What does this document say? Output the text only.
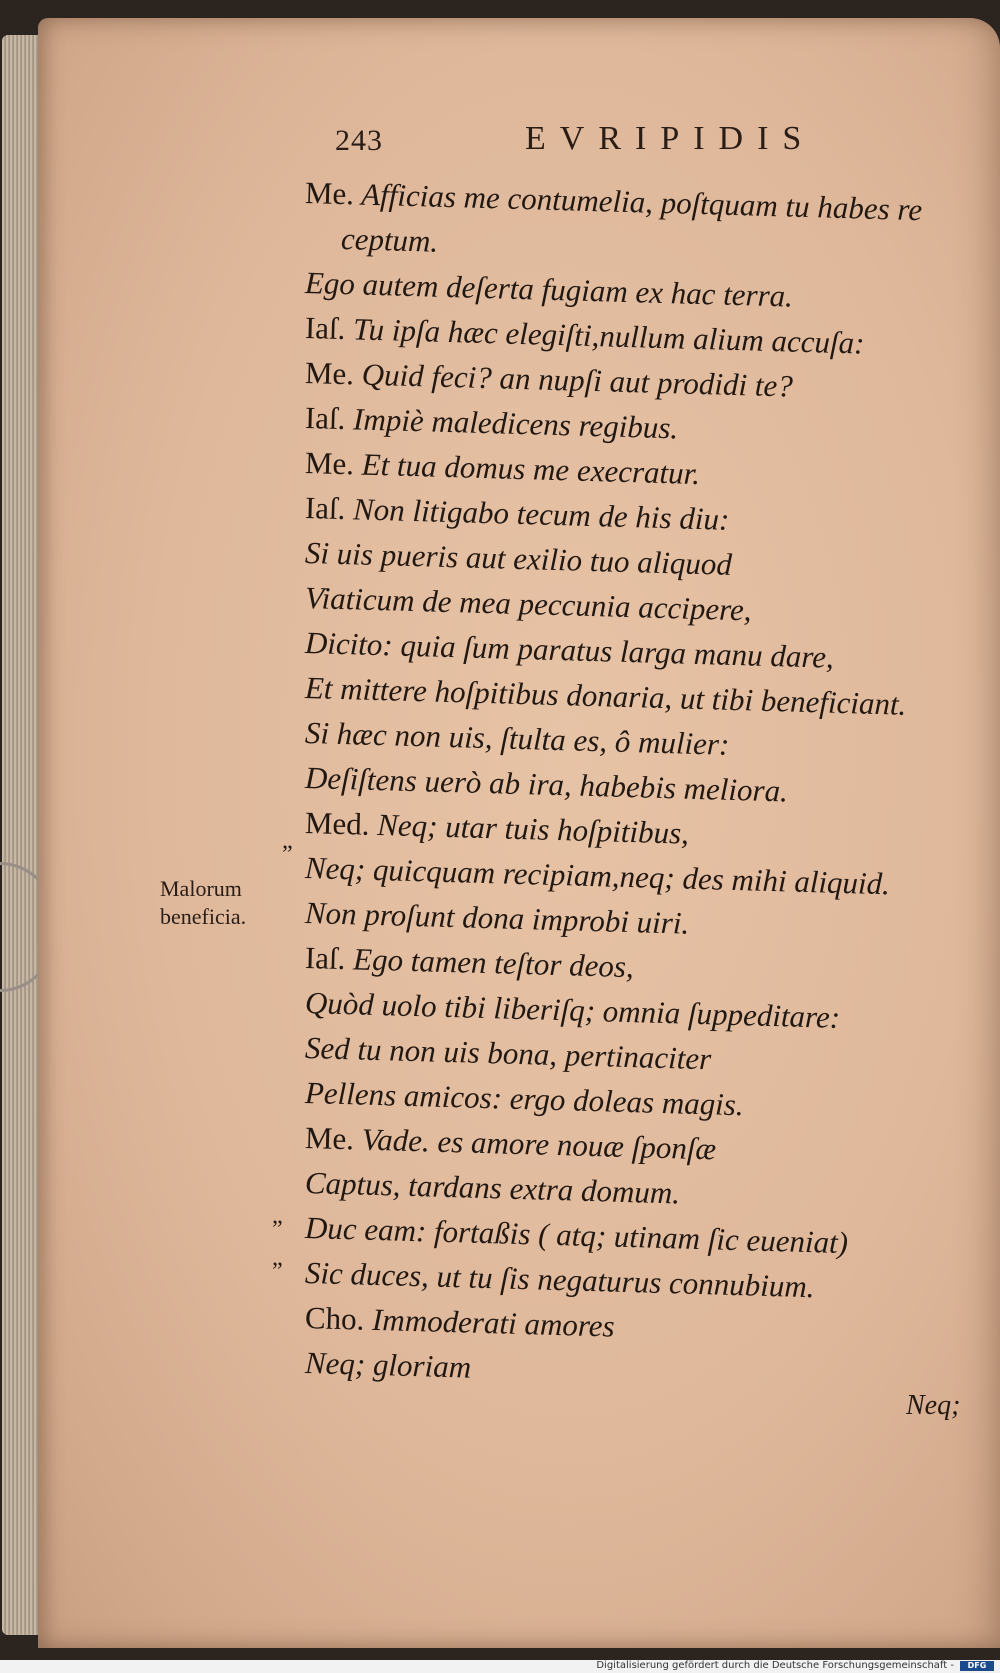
243	EVRIPIDIS
Malorum
beneficia.
„
„
„
Me. Afficias me contumelia, poſtquam tu habes re
ceptum.
Ego autem deſerta fugiam ex hac terra.
Iaſ. Tu ipſa hæc elegiſti,nullum alium accuſa:
Me. Quid feci? an nupſi aut prodidi te?
Iaſ. Impiè maledicens regibus.
Me. Et tua domus me execratur.
Iaſ. Non litigabo tecum de his diu:
Si uis pueris aut exilio tuo aliquod
Viaticum de mea peccunia accipere,
Dicito: quia ſum paratus larga manu dare,
Et mittere hoſpitibus donaria, ut tibi beneficiant.
Si hæc non uis, ſtulta es, ô mulier:
Deſiſtens uerò ab ira, habebis meliora.
Med. Neq; utar tuis hoſpitibus,
Neq; quicquam recipiam,neq; des mihi aliquid.
Non proſunt dona improbi uiri.
Iaſ. Ego tamen teſtor deos,
Quòd uolo tibi liberiſq; omnia ſuppeditare:
Sed tu non uis bona, pertinaciter
Pellens amicos: ergo doleas magis.
Me. Vade. es amore nouæ ſponſæ
Captus, tardans extra domum.
Duc eam: fortaßis ( atq; utinam ſic eueniat)
Sic duces, ut tu ſis negaturus connubium.
Cho. Immoderati amores
Neq; gloriam
Neq;
Digitalisierung gefördert durch die Deutsche Forschungsgemeinschaft -	DFG
